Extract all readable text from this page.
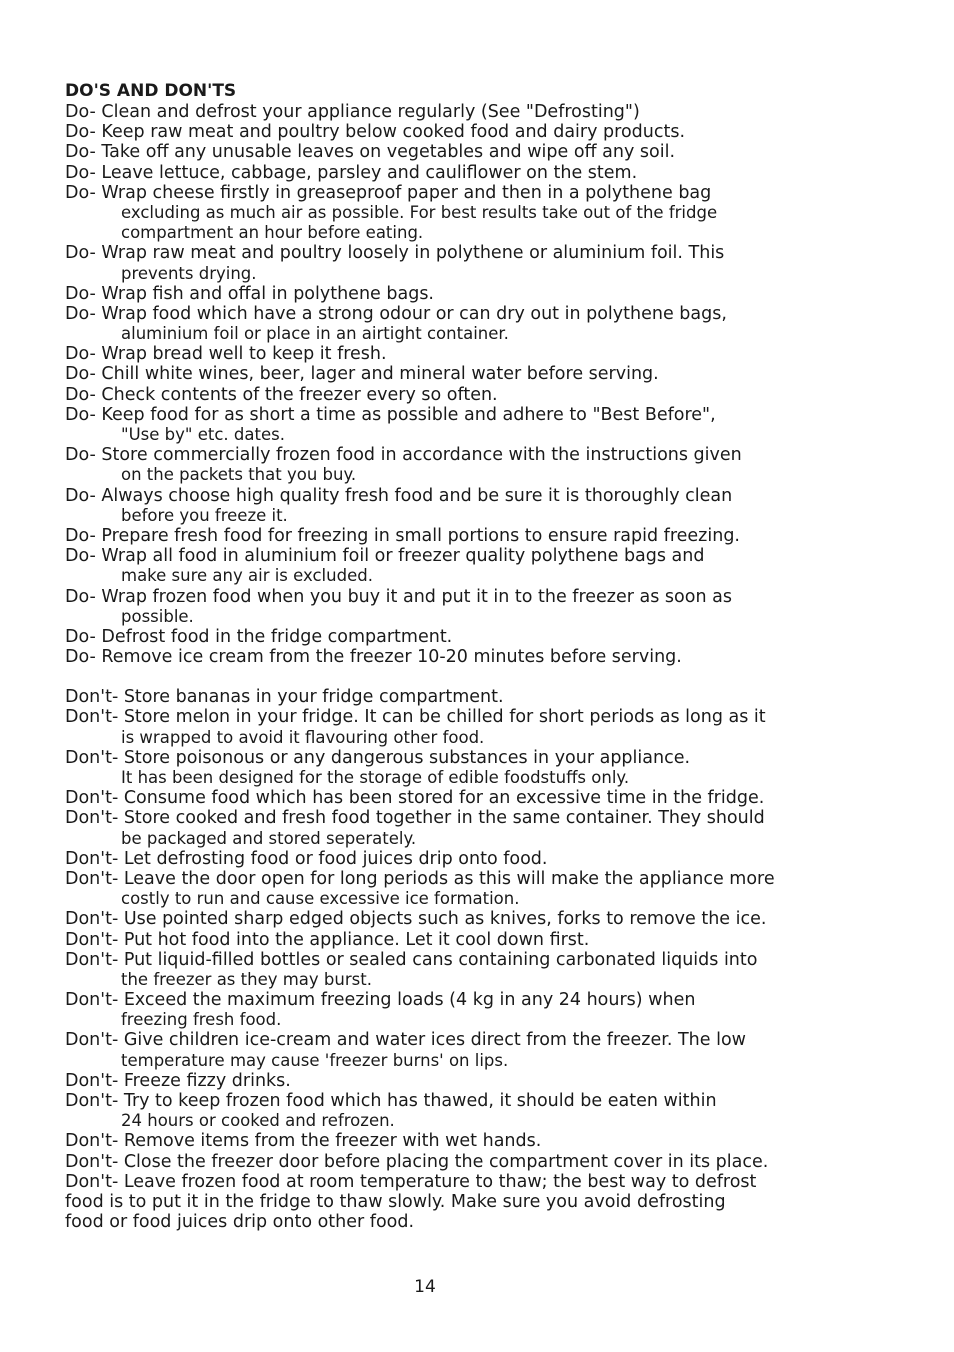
DO'S AND DON'TS
Do- Clean and defrost your appliance regularly (See "Defrosting")
Do- Keep raw meat and poultry below cooked food and dairy products.
Do- Take off any unusable leaves on vegetables and wipe off any soil.
Do- Leave lettuce, cabbage, parsley and cauliflower on the stem.
Do- Wrap cheese firstly in greaseproof paper and then in a polythene bag
excluding as much air as possible. For best results take out of the fridge
compartment an hour before eating.
Do- Wrap raw meat and poultry loosely in polythene or aluminium foil. This
prevents drying.
Do- Wrap fish and offal in polythene bags.
Do- Wrap food which have a strong odour or can dry out in polythene bags,
aluminium foil or place in an airtight container.
Do- Wrap bread well to keep it fresh.
Do- Chill white wines, beer, lager and mineral water before serving.
Do- Check contents of the freezer every so often.
Do- Keep food for as short a time as possible and adhere to "Best Before",
"Use by" etc. dates.
Do- Store commercially frozen food in accordance with the instructions given
on the packets that you buy.
Do- Always choose high quality fresh food and be sure it is thoroughly clean
before you freeze it.
Do- Prepare fresh food for freezing in small portions to ensure rapid freezing.
Do- Wrap all food in aluminium foil or freezer quality polythene bags and
make sure any air is excluded.
Do- Wrap frozen food when you buy it and put it in to the freezer as soon as
possible.
Do- Defrost food in the fridge compartment.
Do- Remove ice cream from the freezer 10-20 minutes before serving.
Don't- Store bananas in your fridge compartment.
Don't- Store melon in your fridge. It can be chilled for short periods as long as it
is wrapped to avoid it flavouring other food.
Don't- Store poisonous or any dangerous substances in your appliance.
It has been designed for the storage of edible foodstuffs only.
Don't- Consume food which has been stored for an excessive time in the fridge.
Don't- Store cooked and fresh food together in the same container. They should
be packaged and stored seperately.
Don't- Let defrosting food or food juices drip onto food.
Don't- Leave the door open for long periods as this will make the appliance more
costly to run and cause excessive ice formation.
Don't- Use pointed sharp edged objects such as knives, forks to remove the ice.
Don't- Put hot food into the appliance. Let it cool down first.
Don't- Put liquid-filled bottles or sealed cans containing carbonated liquids into
the freezer as they may burst.
Don't- Exceed the maximum freezing loads (4 kg in any 24 hours) when
freezing fresh food.
Don't- Give children ice-cream and water ices direct from the freezer. The low
temperature may cause 'freezer burns' on lips.
Don't- Freeze fizzy drinks.
Don't- Try to keep frozen food which has thawed, it should be eaten within
24 hours or cooked and refrozen.
Don't- Remove items from the freezer with wet hands.
Don't- Close the freezer door before placing the compartment cover in its place.
Don't- Leave frozen food at room temperature to thaw; the best way to defrost
food is to put it in the fridge to thaw slowly. Make sure you avoid defrosting
food or food juices drip onto other food.
14
